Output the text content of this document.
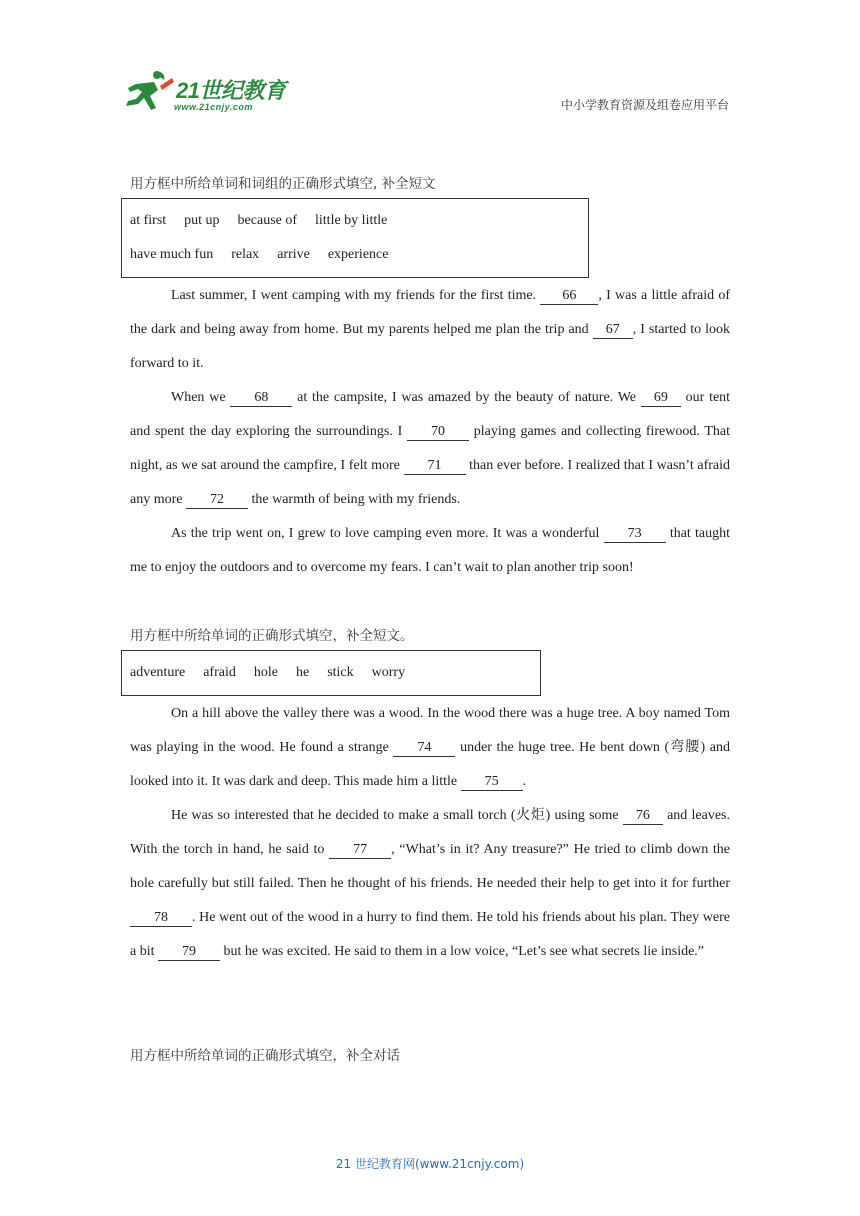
21世纪教育
www.21cnjy.com	中小学教育资源及组卷应用平台
用方框中所给单词和词组的正确形式填空, 补全短文
at first put up because of little by little
have much fun relax arrive experience

Last summer, I went camping with my friends for the first time. 66 , I was a little afraid of the dark and being away from home. But my parents helped me plan the trip and 67 , I started to look forward to it.

When we 68 at the campsite, I was amazed by the beauty of nature. We 69 our tent and spent the day exploring the surroundings. I 70 playing games and collecting firewood. That night, as we sat around the campfire, I felt more 71 than ever before. I realized that I wasn’t afraid any more 72 the warmth of being with my friends.

As the trip went on, I grew to love camping even more. It was a wonderful 73 that taught me to enjoy the outdoors and to overcome my fears. I can’t wait to plan another trip soon!

用方框中所给单词的正确形式填空，补全短文。
adventure afraid hole he stick worry

On a hill above the valley there was a wood. In the wood there was a huge tree. A boy named Tom was playing in the wood. He found a strange 74 under the huge tree. He bent down (弯腰) and looked into it. It was dark and deep. This made him a little 75 .

He was so interested that he decided to make a small torch (火炬) using some 76 and leaves. With the torch in hand, he said to 77 , “What’s in it? Any treasure?” He tried to climb down the hole carefully but still failed. Then he thought of his friends. He needed their help to get into it for further 78 . He went out of the wood in a hurry to find them. He told his friends about his plan. They were a bit 79 but he was excited. He said to them in a low voice, “Let’s see what secrets lie inside.”

用方框中所给单词的正确形式填空，补全对话
21 世纪教育网(www.21cnjy.com)
